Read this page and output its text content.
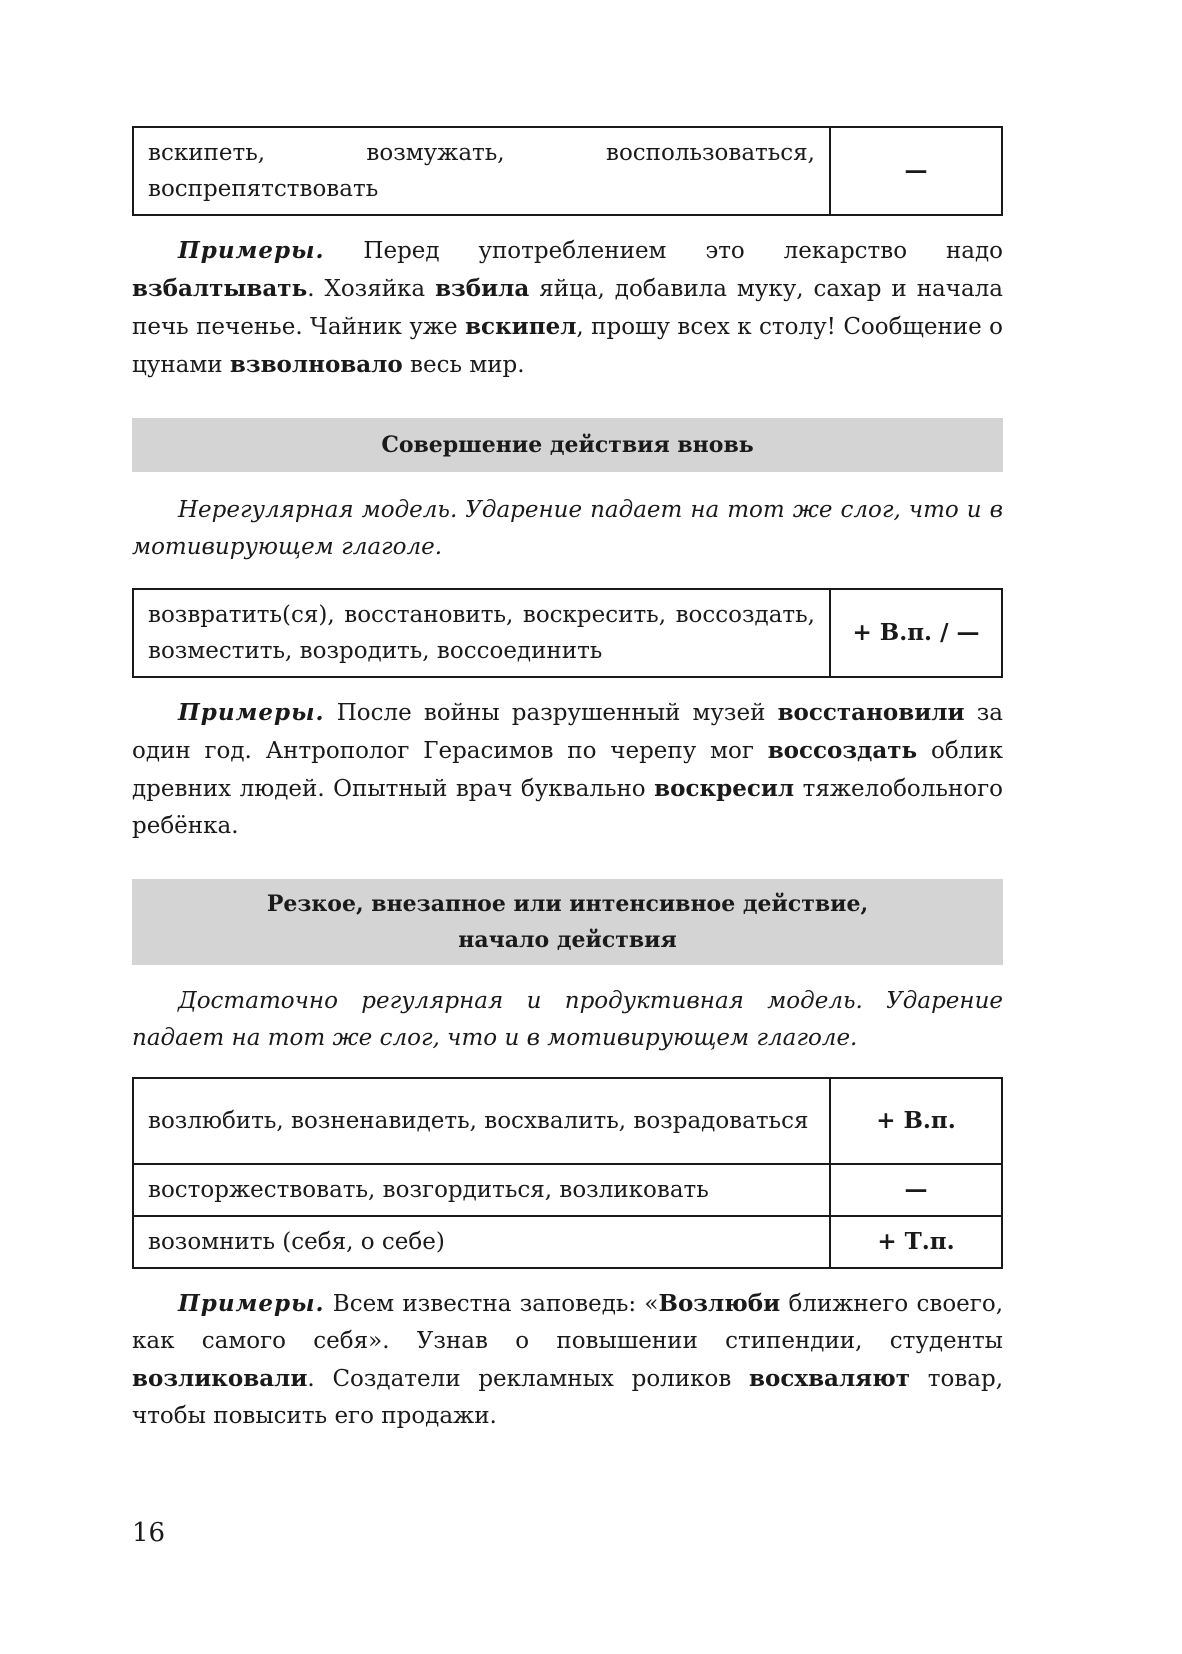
вскипеть, возмужать, воспользоваться, воспрепятствовать	—

Примеры. Перед употреблением это лекарство надо взбалтывать. Хозяйка взбила яйца, добавила муку, сахар и начала печь печенье. Чайник уже вскипел, прошу всех к столу! Сообщение о цунами взволновало весь мир.

Совершение действия вновь

Нерегулярная модель. Ударение падает на тот же слог, что и в мотивирующем глаголе.

возвратить(ся), восстановить, воскресить, воссоздать, возместить, возродить, воссоединить	+ В.п. / —

Примеры. После войны разрушенный музей восстановили за один год. Антрополог Герасимов по черепу мог воссоздать облик древних людей. Опытный врач буквально воскресил тяжелобольного ребёнка.

Резкое, внезапное или интенсивное действие,
начало действия

Достаточно регулярная и продуктивная модель. Ударение падает на тот же слог, что и в мотивирующем глаголе.

возлюбить, возненавидеть, восхвалить, возрадоваться	+ В.п.
восторжествовать, возгордиться, возликовать	—
возомнить (себя, о себе)	+ Т.п.

Примеры. Всем известна заповедь: «Возлюби ближнего своего, как самого себя». Узнав о повышении стипендии, студенты возликовали. Создатели рекламных роликов восхваляют товар, чтобы повысить его продажи.

16
